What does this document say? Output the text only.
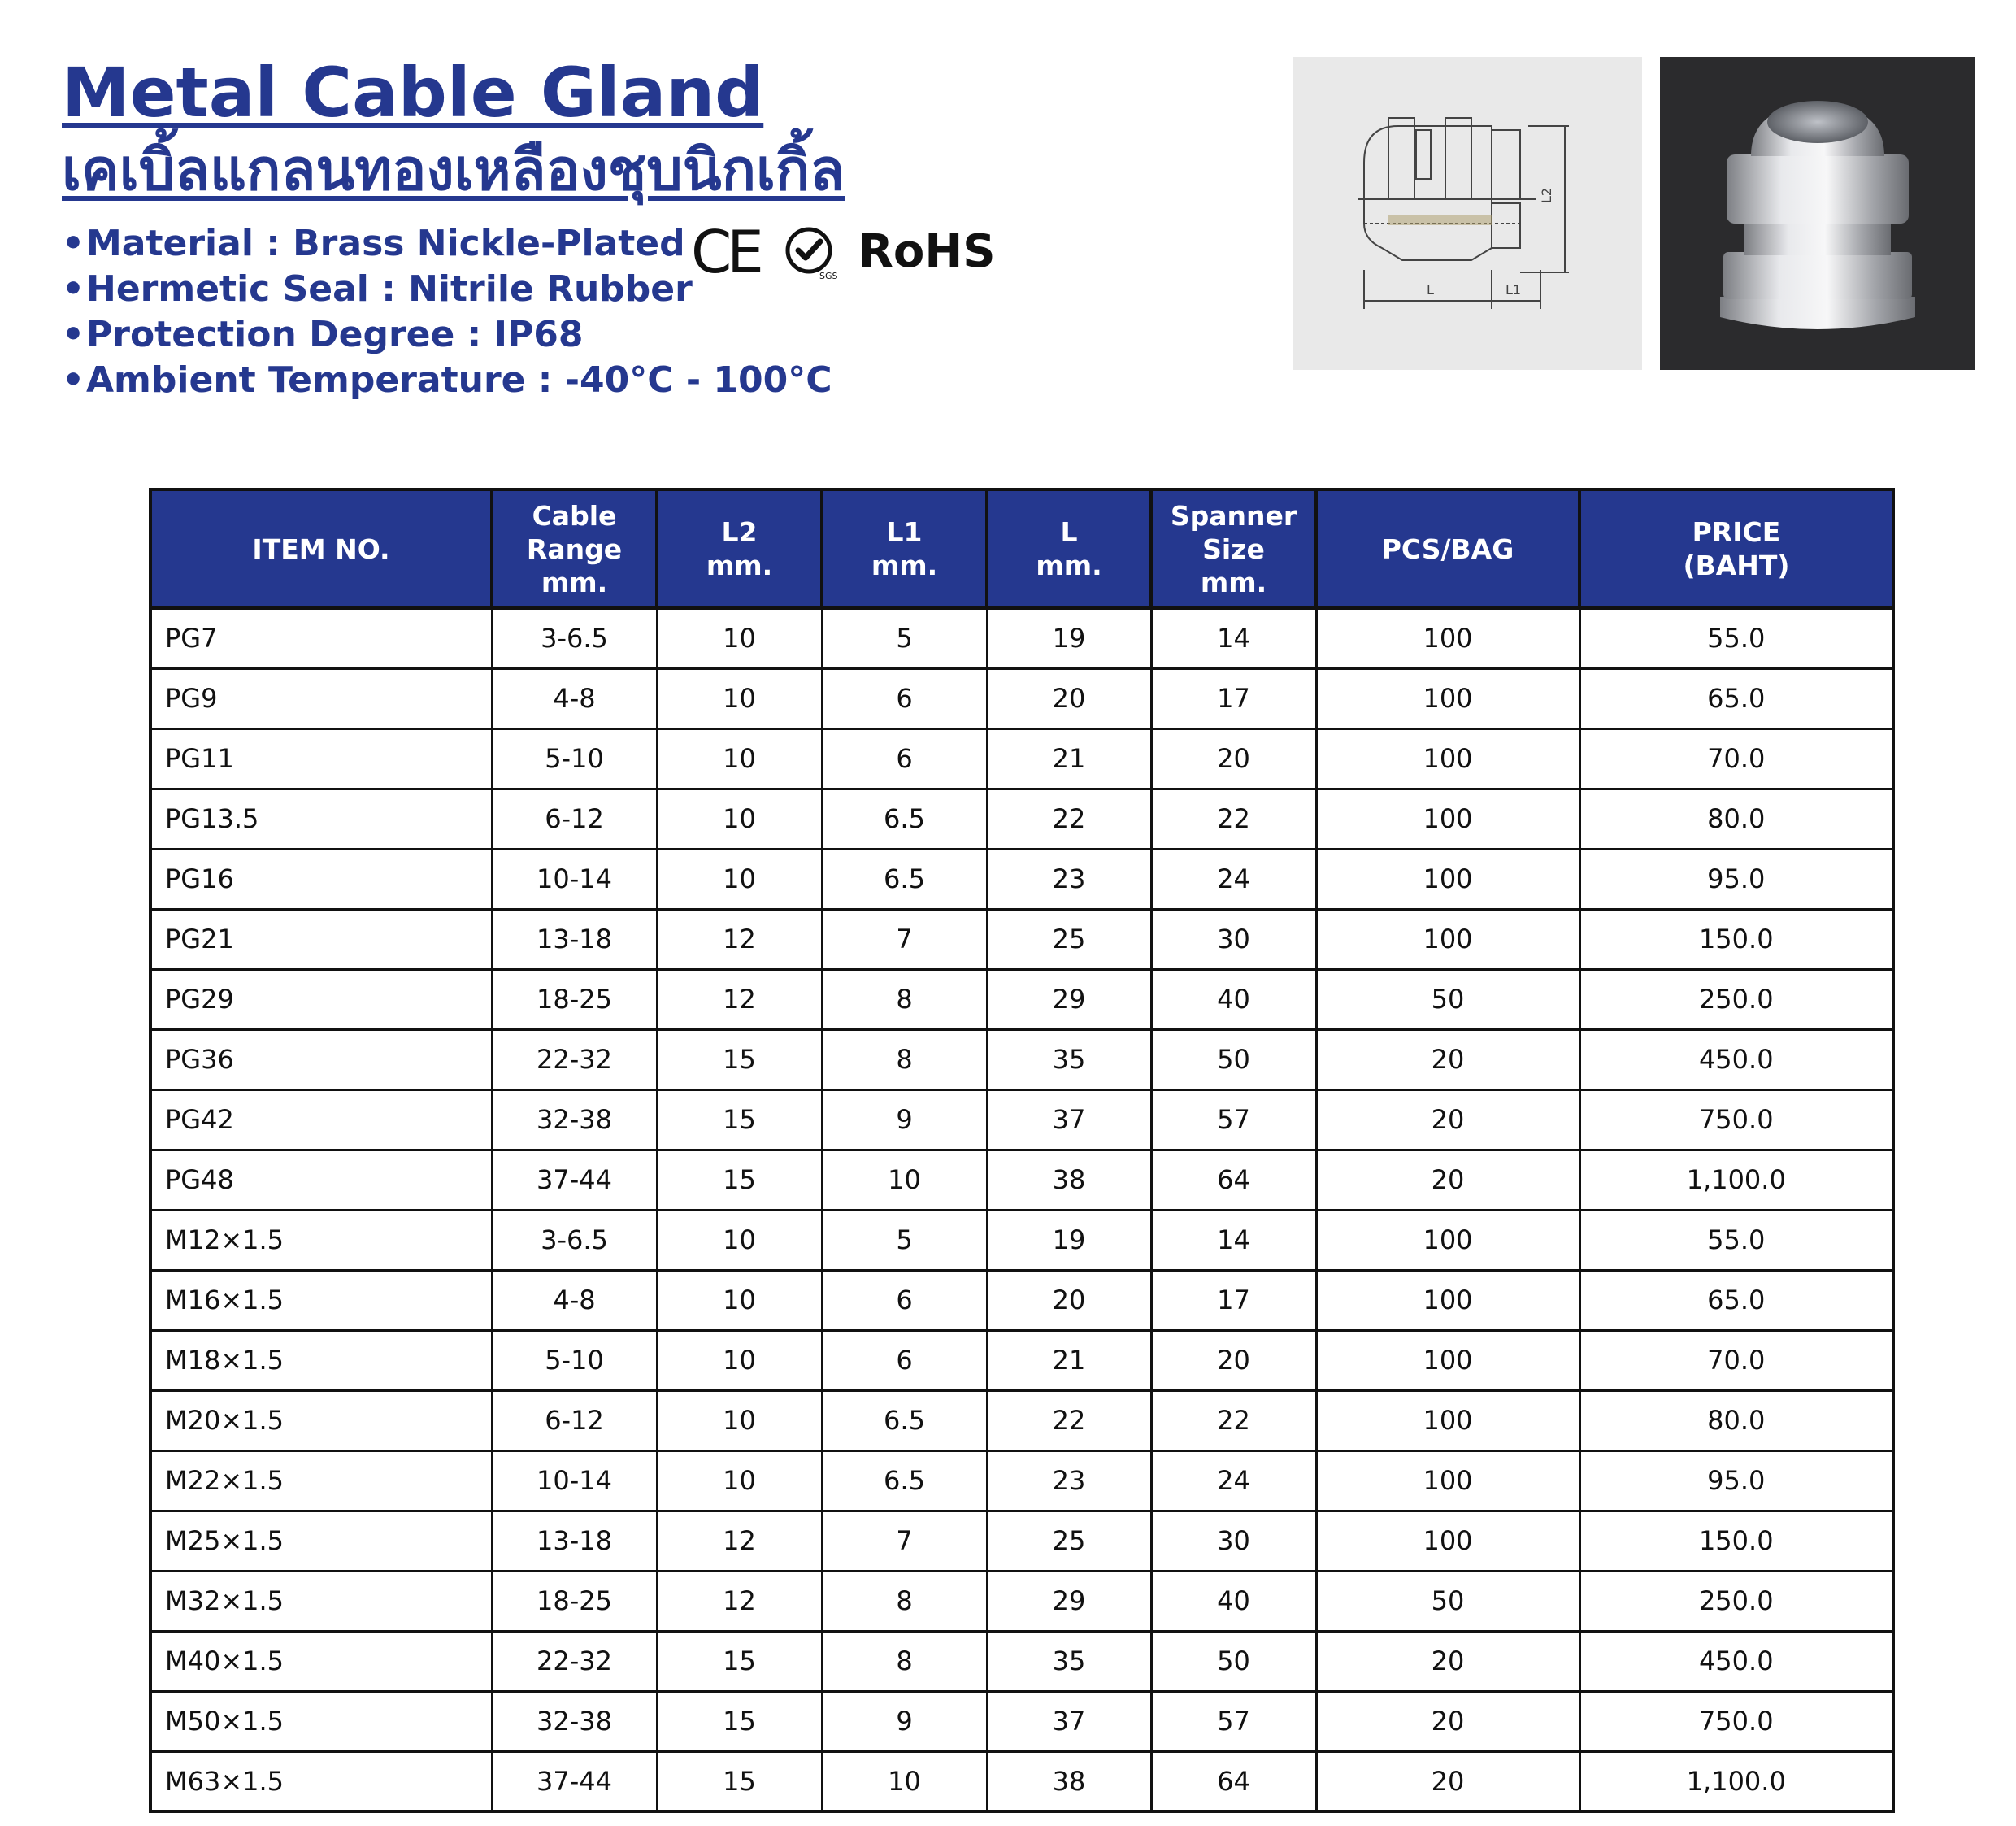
Metal Cable Gland
เคเบิ้ลแกลนทองเหลืองชุบนิกเกิ้ล
•Material : Brass Nickle-Plated
•Hermetic Seal : Nitrile Rubber
•Protection Degree : IP68
•Ambient Temperature : -40°C - 100°C
CE	SGS RoHS
L	L1
L2
ITEM NO.	Cable
Range
mm.	L2
mm.	L1
mm.	L
mm.	Spanner
Size
mm.	PCS/BAG	PRICE
(BAHT)
PG7	3-6.5	10	5	19	14	100	55.0
PG9	4-8	10	6	20	17	100	65.0
PG11	5-10	10	6	21	20	100	70.0
PG13.5	6-12	10	6.5	22	22	100	80.0
PG16	10-14	10	6.5	23	24	100	95.0
PG21	13-18	12	7	25	30	100	150.0
PG29	18-25	12	8	29	40	50	250.0
PG36	22-32	15	8	35	50	20	450.0
PG42	32-38	15	9	37	57	20	750.0
PG48	37-44	15	10	38	64	20	1,100.0
M12×1.5	3-6.5	10	5	19	14	100	55.0
M16×1.5	4-8	10	6	20	17	100	65.0
M18×1.5	5-10	10	6	21	20	100	70.0
M20×1.5	6-12	10	6.5	22	22	100	80.0
M22×1.5	10-14	10	6.5	23	24	100	95.0
M25×1.5	13-18	12	7	25	30	100	150.0
M32×1.5	18-25	12	8	29	40	50	250.0
M40×1.5	22-32	15	8	35	50	20	450.0
M50×1.5	32-38	15	9	37	57	20	750.0
M63×1.5	37-44	15	10	38	64	20	1,100.0
